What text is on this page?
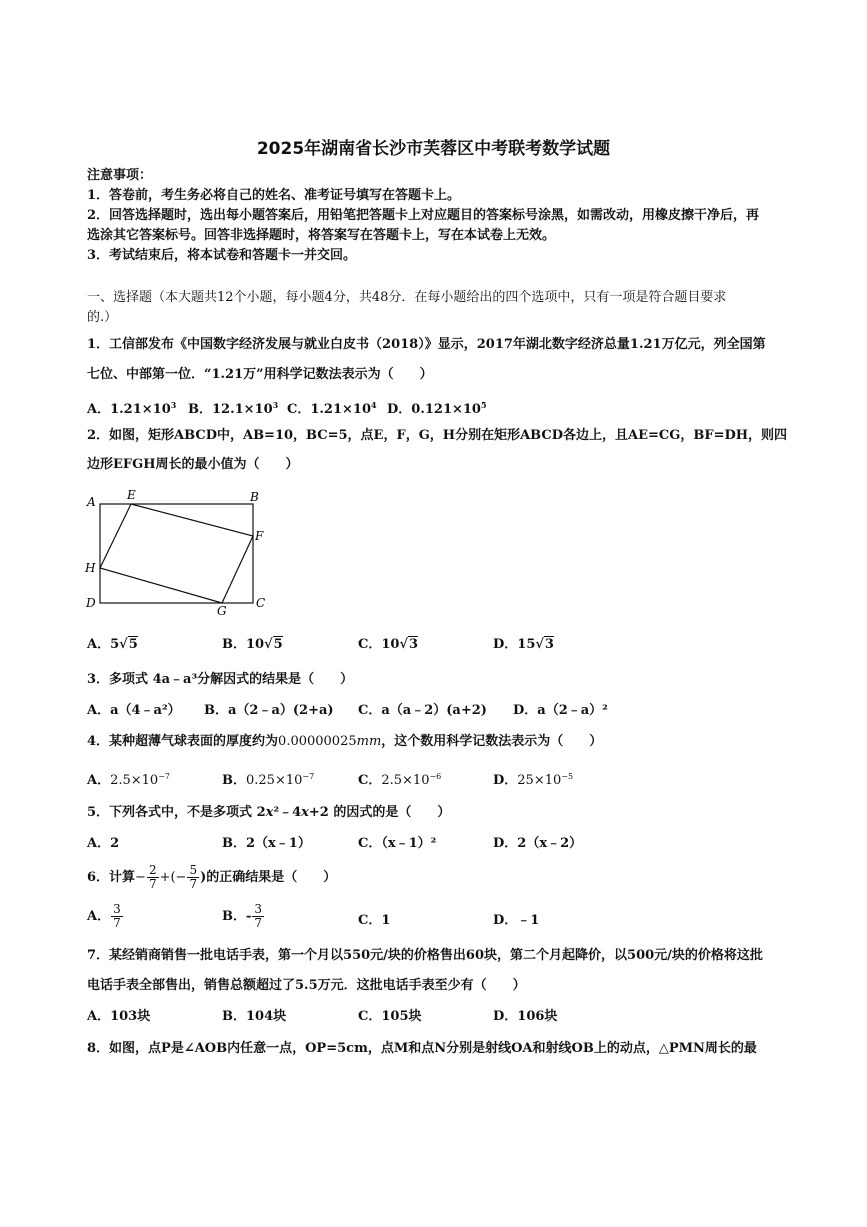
2025年湖南省长沙市芙蓉区中考联考数学试题
注意事项：
1．答卷前，考生务必将自己的姓名、准考证号填写在答题卡上。
2．回答选择题时，选出每小题答案后，用铅笔把答题卡上对应题目的答案标号涂黑，如需改动，用橡皮擦干净后，再
选涂其它答案标号。回答非选择题时，将答案写在答题卡上，写在本试卷上无效。
3．考试结束后，将本试卷和答题卡一并交回。
一、选择题（本大题共12个小题，每小题4分，共48分．在每小题给出的四个选项中，只有一项是符合题目要求
的.）
1．工信部发布《中国数字经济发展与就业白皮书（2018）》显示，2017年湖北数字经济总量1.21万亿元，列全国第
七位、中部第一位．“1.21万”用科学记数法表示为（　　）
A．$1.21\times 10^3$ B．$12.1\times 10^3$ C．$1.21\times 10^4$ D．$0.121\times 10^5$
2．如图，矩形ABCD中，AB=10，BC=5，点E，F，G，H分别在矩形ABCD各边上，且AE=CG，BF=DH，则四
边形EFGH周长的最小值为（　　）
A	E	B
F
H
D
G
C
A．5√5	B．10√5	C．10√3	D．15√3
3．多项式 4a﹣a³分解因式的结果是（　　）
A．a（4﹣a²） B．a（2﹣a）(2+a) C．a（a﹣2）(a+2) D．a（2﹣a）²
4．某种超薄气球表面的厚度约为0.00000025mm，这个数用科学记数法表示为（　　）
A．$2.5\times 10^{-7}$	B．$0.25\times 10^{-7}$	C．$2.5\times 10^{-6}$	D．$25\times 10^{-5}$
5．下列各式中，不是多项式 2x²﹣4x+2 的因式的是（　　）
A．2	B．2（x﹣1）	C．（x﹣1）²	D．2（x﹣2）
6．计算− $\frac{2}{7}$ +(− $\frac{5}{7}$ )的正确结果是（　　）
A． $\frac{3}{7}$	B．- $\frac{3}{7}$	C．1	D．﹣1
7．某经销商销售一批电话手表，第一个月以550元/块的价格售出60块，第二个月起降价，以500元/块的价格将这批
电话手表全部售出，销售总额超过了5.5万元．这批电话手表至少有（　　）
A．103块	B．104块	C．105块	D．106块
8．如图，点P是∠AOB内任意一点，OP=5cm，点M和点N分别是射线OA和射线OB上的动点，△PMN周长的最
